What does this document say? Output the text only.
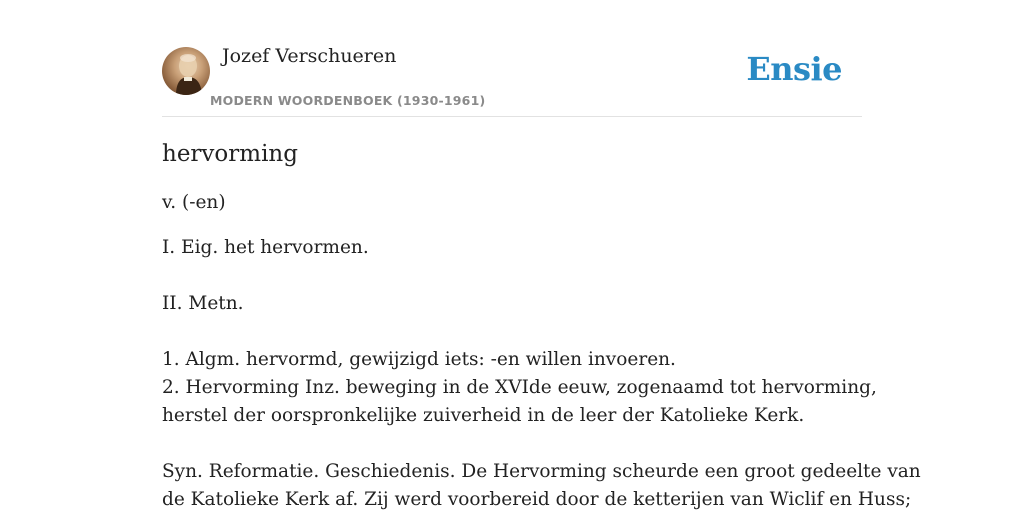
Jozef Verschueren
MODERN WOORDENBOEK (1930-1961)
Ensie
hervorming

v. (-en)

I. Eig. het hervormen.
II. Metn.
1. Algm. hervormd, gewijzigd iets: -en willen invoeren.
2. Hervorming Inz. beweging in de XVIde eeuw, zogenaamd tot hervorming,
herstel der oorspronkelijke zuiverheid in de leer der Katolieke Kerk.
Syn. Reformatie. Geschiedenis. De Hervorming scheurde een groot gedeelte van
de Katolieke Kerk af. Zij werd voorbereid door de ketterijen van Wiclif en Huss;
